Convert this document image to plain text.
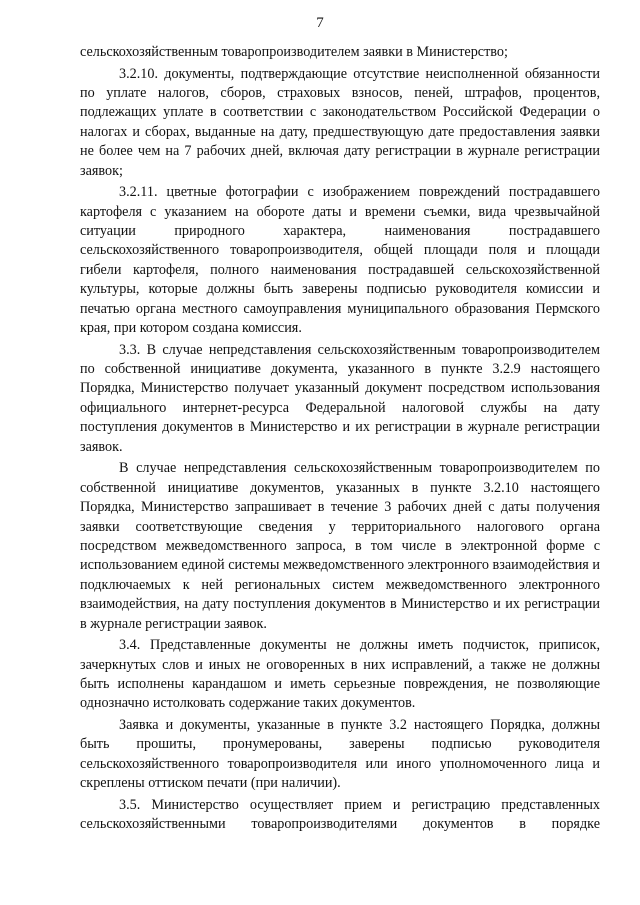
7

сельскохозяйственным товаропроизводителем заявки в Министерство;

3.2.10. документы, подтверждающие отсутствие неисполненной обязанности по уплате налогов, сборов, страховых взносов, пеней, штрафов, процентов, подлежащих уплате в соответствии с законодательством Российской Федерации о налогах и сборах, выданные на дату, предшествующую дате предоставления заявки не более чем на 7 рабочих дней, включая дату регистрации в журнале регистрации заявок;

3.2.11. цветные фотографии с изображением повреждений пострадавшего картофеля с указанием на обороте даты и времени съемки, вида чрезвычайной ситуации природного характера, наименования пострадавшего сельскохозяйственного товаропроизводителя, общей площади поля и площади гибели картофеля, полного наименования пострадавшей сельскохозяйственной культуры, которые должны быть заверены подписью руководителя комиссии и печатью органа местного самоуправления муниципального образования Пермского края, при котором создана комиссия.

3.3. В случае непредставления сельскохозяйственным товаропроизводителем по собственной инициативе документа, указанного в пункте 3.2.9 настоящего Порядка, Министерство получает указанный документ посредством использования официального интернет-ресурса Федеральной налоговой службы на дату поступления документов в Министерство и их регистрации в журнале регистрации заявок.

В случае непредставления сельскохозяйственным товаропроизводителем по собственной инициативе документов, указанных в пункте 3.2.10 настоящего Порядка, Министерство запрашивает в течение 3 рабочих дней с даты получения заявки соответствующие сведения у территориального налогового органа посредством межведомственного запроса, в том числе в электронной форме с использованием единой системы межведомственного электронного взаимодействия и подключаемых к ней региональных систем межведомственного электронного взаимодействия, на дату поступления документов в Министерство и их регистрации в журнале регистрации заявок.

3.4. Представленные документы не должны иметь подчисток, приписок, зачеркнутых слов и иных не оговоренных в них исправлений, а также не должны быть исполнены карандашом и иметь серьезные повреждения, не позволяющие однозначно истолковать содержание таких документов.

Заявка и документы, указанные в пункте 3.2 настоящего Порядка, должны быть прошиты, пронумерованы, заверены подписью руководителя сельскохозяйственного товаропроизводителя или иного уполномоченного лица и скреплены оттиском печати (при наличии).

3.5. Министерство осуществляет прием и регистрацию представленных сельскохозяйственными товаропроизводителями документов в порядке
